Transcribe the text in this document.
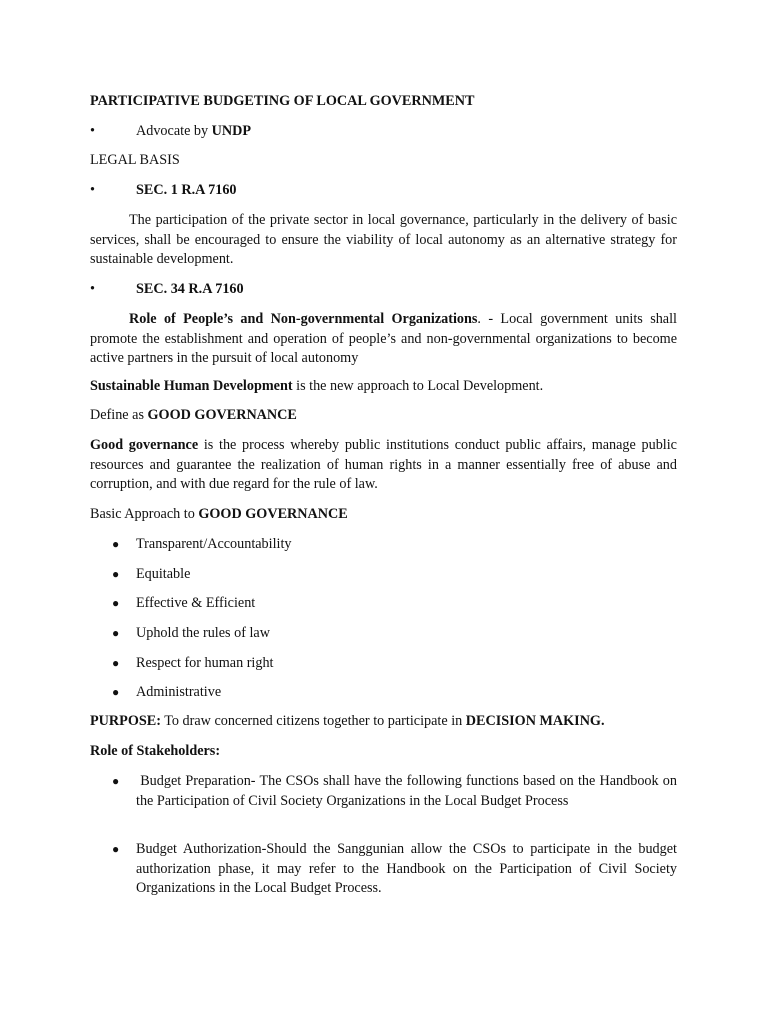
PARTICIPATIVE BUDGETING OF LOCAL GOVERNMENT

•	Advocate by UNDP

LEGAL BASIS

•	SEC. 1 R.A 7160

The participation of the private sector in local governance, particularly in the delivery of basic services, shall be encouraged to ensure the viability of local autonomy as an alternative strategy for sustainable development.

•	SEC. 34 R.A 7160

Role of People’s and Non-governmental Organizations. - Local government units shall promote the establishment and operation of people’s and non-governmental organizations to become active partners in the pursuit of local autonomy

Sustainable Human Development is the new approach to Local Development.

Define as GOOD GOVERNANCE

Good governance is the process whereby public institutions conduct public affairs, manage public resources and guarantee the realization of human rights in a manner essentially free of abuse and corruption, and with due regard for the rule of law.

Basic Approach to GOOD GOVERNANCE

● Transparent/Accountability

● Equitable

● Effective & Efficient

● Uphold the rules of law

● Respect for human right

● Administrative

PURPOSE: To draw concerned citizens together to participate in DECISION MAKING.

Role of Stakeholders:

● Budget Preparation- The CSOs shall have the following functions based on the Handbook on the Participation of Civil Society Organizations in the Local Budget Process

● Budget Authorization-Should the Sanggunian allow the CSOs to participate in the budget authorization phase, it may refer to the Handbook on the Participation of Civil Society Organizations in the Local Budget Process.
